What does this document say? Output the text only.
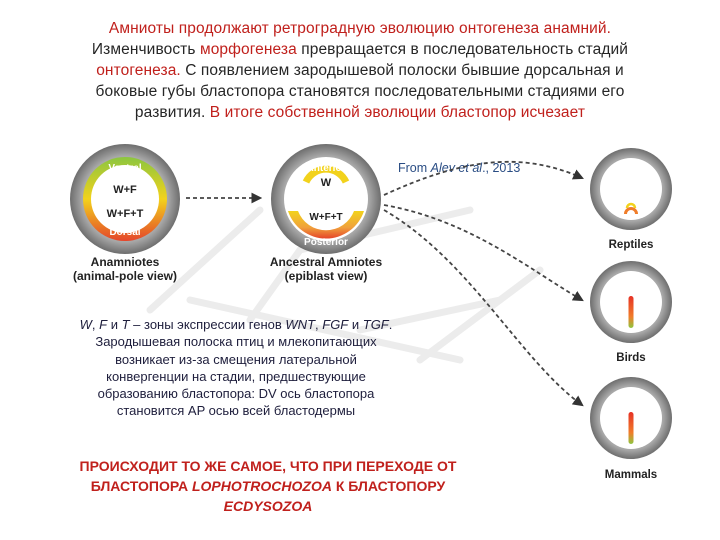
Амниоты продолжают ретроградную эволюцию онтогенеза анамний.
Изменчивость морфогенеза превращается в последовательность стадий
онтогенеза. С появлением зародышевой полоски бывшие дорсальная и
боковые губы бластопора становятся последовательными стадиями его
развития. В итоге собственной эволюции бластопор исчезает
From Alev et al., 2013
Ventral
W+F
W+F+T
Dorsal
Anterior
W
W+F+T
Posterior
Anamniotes
(animal-pole view)
Ancestral Amniotes
(epiblast view)
Reptiles
Birds
Mammals
W, F и T – зоны экспрессии генов WNT, FGF и TGF.
Зародышевая полоска птиц и млекопитающих
возникает из-за смещения латеральной
конвергенции на стадии, предшествующие
образованию бластопора: DV ось бластопора
становится AP осью всей бластодермы
ПРОИСХОДИТ ТО ЖЕ САМОЕ, ЧТО ПРИ ПЕРЕХОДЕ ОТ
БЛАСТОПОРА LOPHOTROCHOZOA К БЛАСТОПОРУ
ECDYSOZOA
